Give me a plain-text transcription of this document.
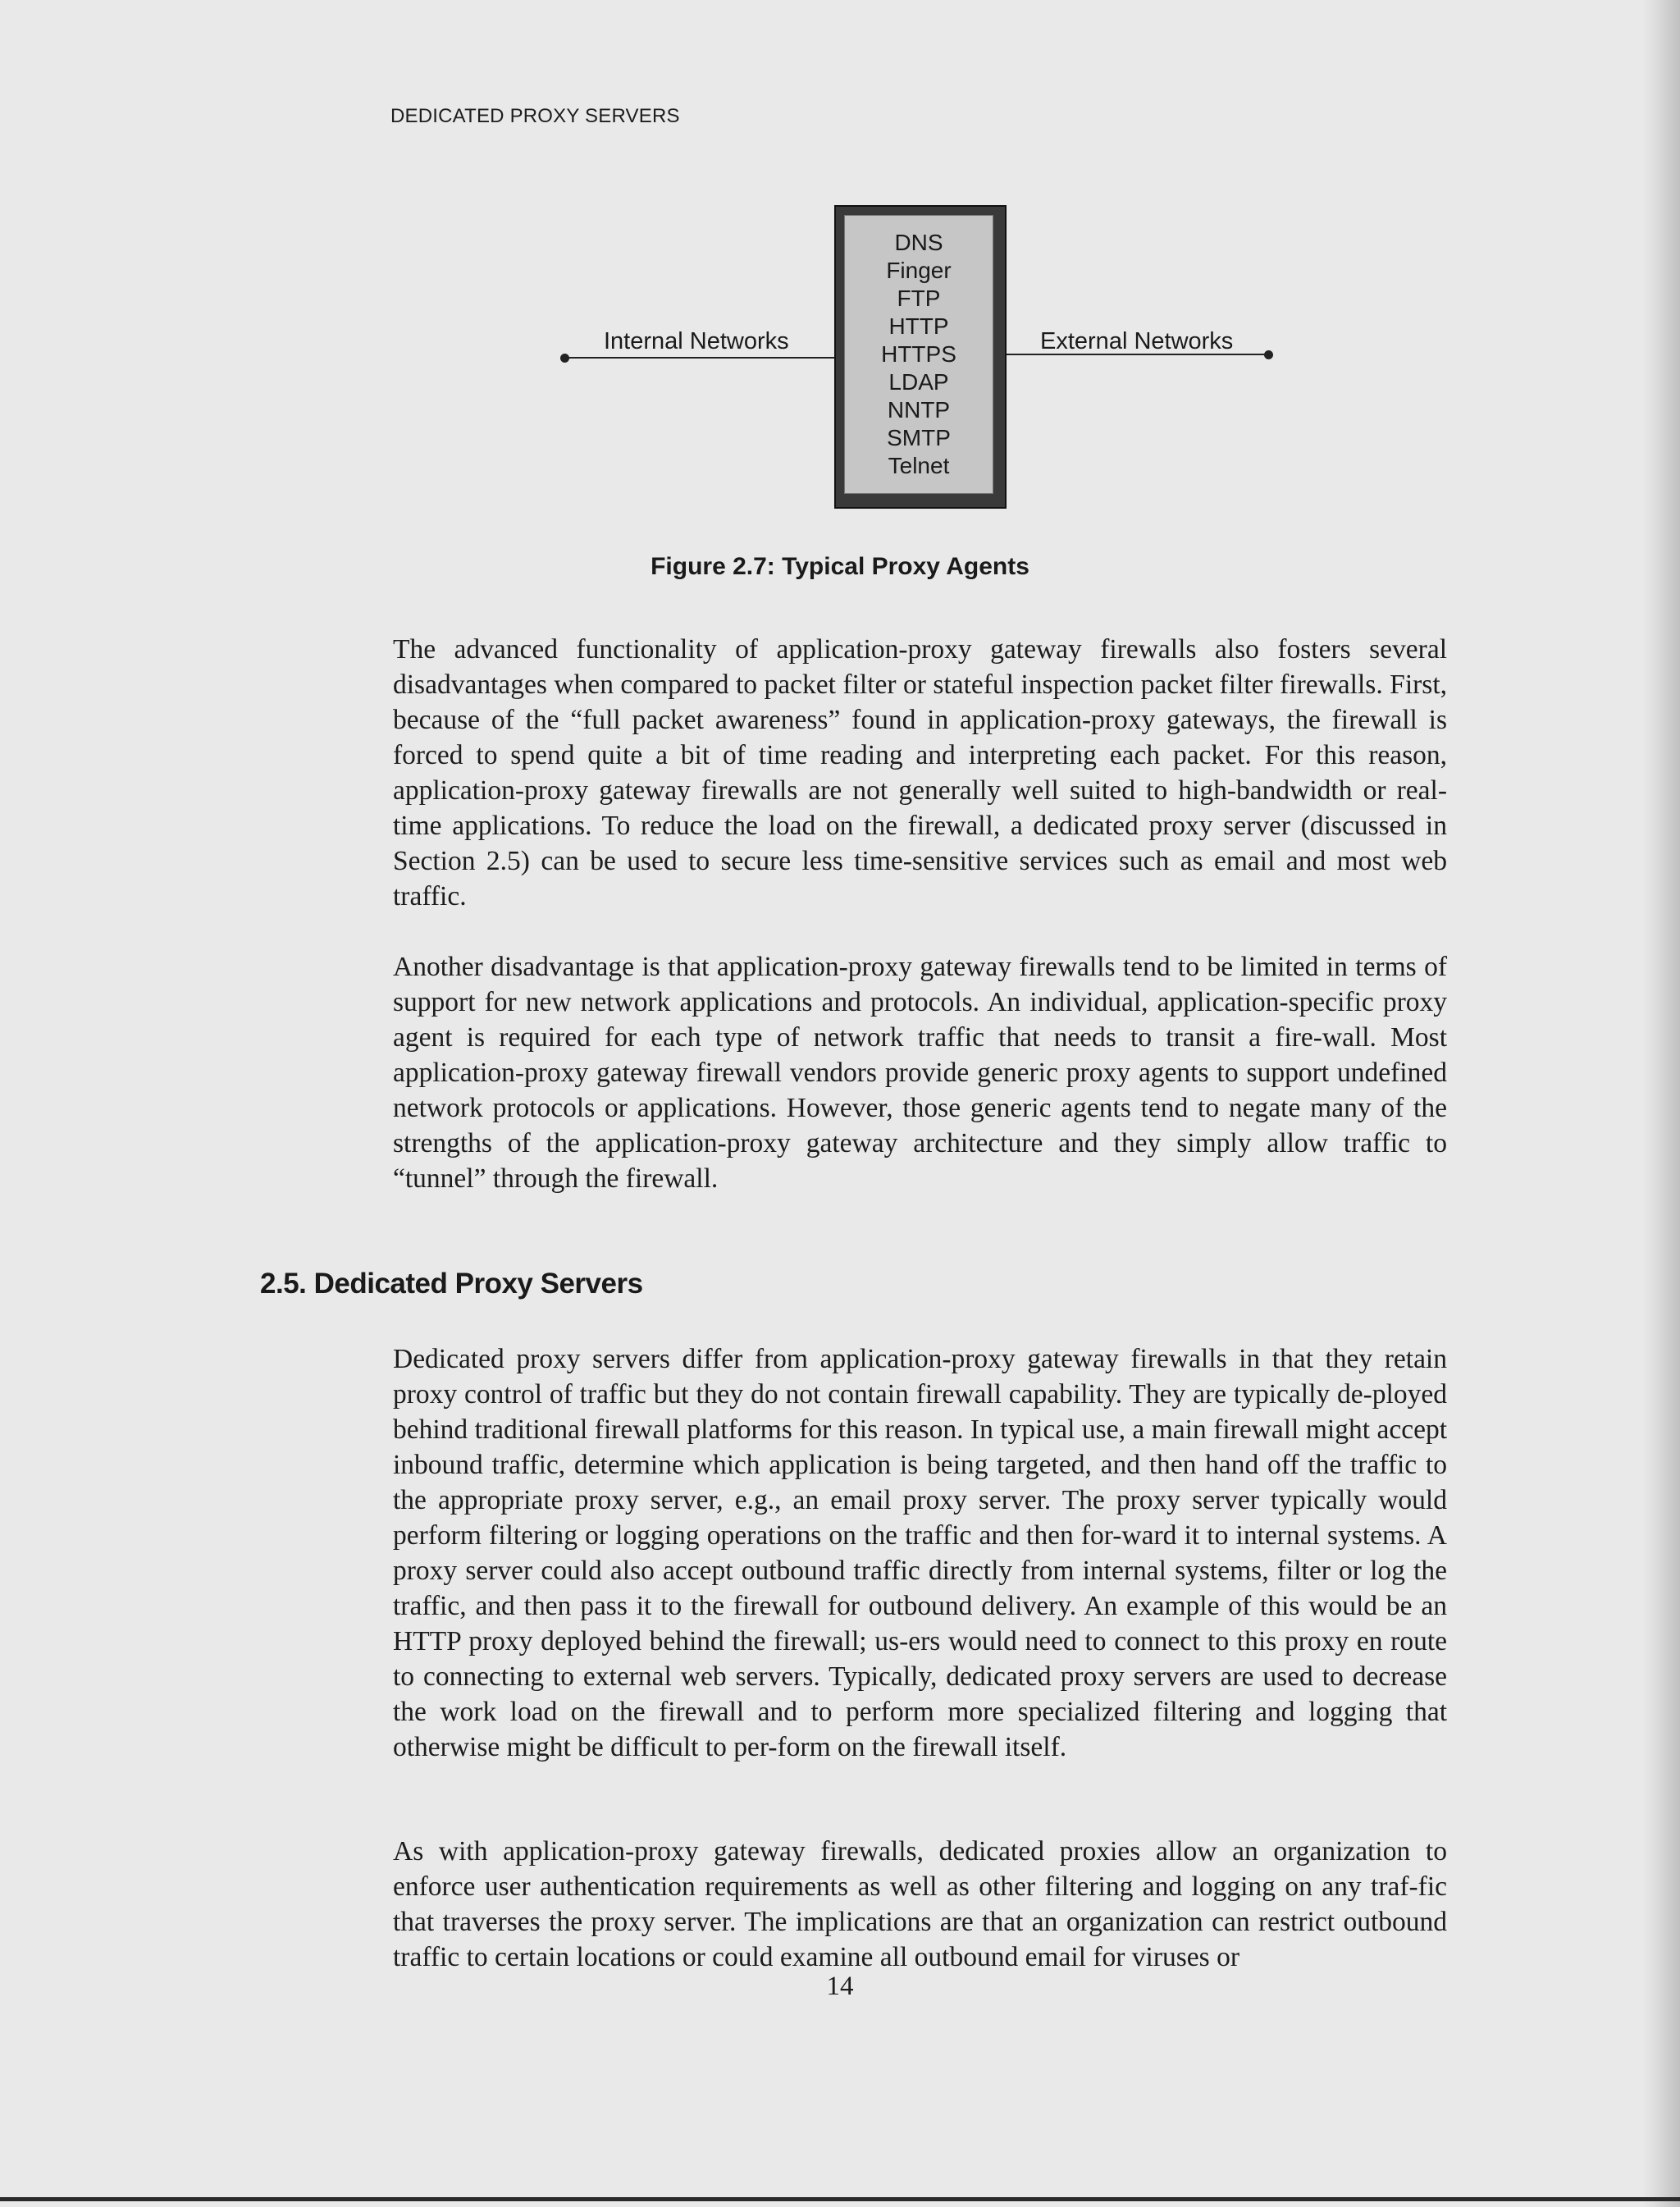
DEDICATED PROXY SERVERS
Internal Networks
DNS
Finger
FTP
HTTP
HTTPS
LDAP
NNTP
SMTP
Telnet
External Networks
Figure 2.7: Typical Proxy Agents

The advanced functionality of application-proxy gateway firewalls also fosters several disadvantages when compared to packet filter or stateful inspection packet filter firewalls. First, because of the “full packet awareness” found in application-proxy gateways, the firewall is forced to spend quite a bit of time reading and interpreting each packet. For this reason, application-proxy gateway firewalls are not generally well suited to high-bandwidth or real-time applications. To reduce the load on the firewall, a dedicated proxy server (discussed in Section 2.5) can be used to secure less time-sensitive services such as email and most web traffic.

Another disadvantage is that application-proxy gateway firewalls tend to be limited in terms of support for new network applications and protocols. An individual, application-specific proxy agent is required for each type of network traffic that needs to transit a fire-wall. Most application-proxy gateway firewall vendors provide generic proxy agents to support undefined network protocols or applications. However, those generic agents tend to negate many of the strengths of the application-proxy gateway architecture and they simply allow traffic to “tunnel” through the firewall.

2.5. Dedicated Proxy Servers

Dedicated proxy servers differ from application-proxy gateway firewalls in that they retain proxy control of traffic but they do not contain firewall capability. They are typically de-ployed behind traditional firewall platforms for this reason. In typical use, a main firewall might accept inbound traffic, determine which application is being targeted, and then hand off the traffic to the appropriate proxy server, e.g., an email proxy server. The proxy server typically would perform filtering or logging operations on the traffic and then for-ward it to internal systems. A proxy server could also accept outbound traffic directly from internal systems, filter or log the traffic, and then pass it to the firewall for outbound delivery. An example of this would be an HTTP proxy deployed behind the firewall; us-ers would need to connect to this proxy en route to connecting to external web servers. Typically, dedicated proxy servers are used to decrease the work load on the firewall and to perform more specialized filtering and logging that otherwise might be difficult to per-form on the firewall itself.

As with application-proxy gateway firewalls, dedicated proxies allow an organization to enforce user authentication requirements as well as other filtering and logging on any traf-fic that traverses the proxy server. The implications are that an organization can restrict outbound traffic to certain locations or could examine all outbound email for viruses or

14
